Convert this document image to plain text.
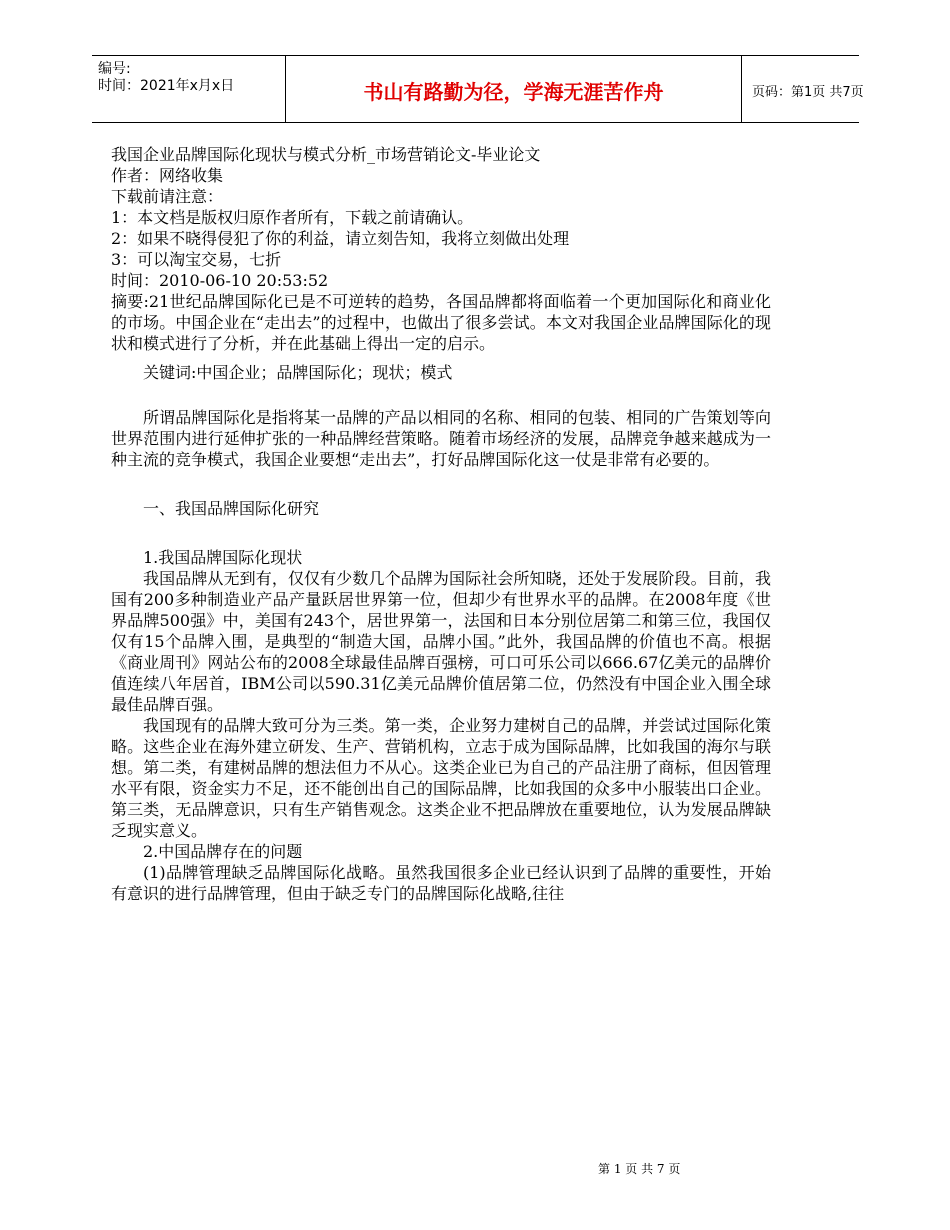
编号:
时间：2021年x月x日	书山有路勤为径，学海无涯苦作舟	页码：第1页 共7页

我国企业品牌国际化现状与模式分析_市场营销论文-毕业论文

作者：网络收集

下载前请注意：

1：本文档是版权归原作者所有，下载之前请确认。

2：如果不晓得侵犯了你的利益，请立刻告知，我将立刻做出处理

3：可以淘宝交易，七折

时间：2010-06-10 20:53:52

摘要:21世纪品牌国际化已是不可逆转的趋势，各国品牌都将面临着一个更加国际化和商业化的市场。中国企业在“走出去”的过程中，也做出了很多尝试。本文对我国企业品牌国际化的现状和模式进行了分析，并在此基础上得出一定的启示。

关键词:中国企业；品牌国际化；现状；模式

所谓品牌国际化是指将某一品牌的产品以相同的名称、相同的包装、相同的广告策划等向世界范围内进行延伸扩张的一种品牌经营策略。随着市场经济的发展，品牌竞争越来越成为一种主流的竞争模式，我国企业要想“走出去”，打好品牌国际化这一仗是非常有必要的。

一、我国品牌国际化研究

1.我国品牌国际化现状

我国品牌从无到有，仅仅有少数几个品牌为国际社会所知晓，还处于发展阶段。目前，我国有200多种制造业产品产量跃居世界第一位，但却少有世界水平的品牌。在2008年度《世界品牌500强》中，美国有243个，居世界第一，法国和日本分别位居第二和第三位，我国仅仅有15个品牌入围，是典型的“制造大国，品牌小国。”此外，我国品牌的价值也不高。根据《商业周刊》网站公布的2008全球最佳品牌百强榜，可口可乐公司以666.67亿美元的品牌价值连续八年居首，IBM公司以590.31亿美元品牌价值居第二位，仍然没有中国企业入围全球最佳品牌百强。

我国现有的品牌大致可分为三类。第一类，企业努力建树自己的品牌，并尝试过国际化策略。这些企业在海外建立研发、生产、营销机构，立志于成为国际品牌，比如我国的海尔与联想。第二类，有建树品牌的想法但力不从心。这类企业已为自己的产品注册了商标，但因管理水平有限，资金实力不足，还不能创出自己的国际品牌，比如我国的众多中小服装出口企业。第三类，无品牌意识，只有生产销售观念。这类企业不把品牌放在重要地位，认为发展品牌缺乏现实意义。

2.中国品牌存在的问题

(1)品牌管理缺乏品牌国际化战略。虽然我国很多企业已经认识到了品牌的重要性，开始有意识的进行品牌管理，但由于缺乏专门的品牌国际化战略,往往

第 1 页 共 7 页
